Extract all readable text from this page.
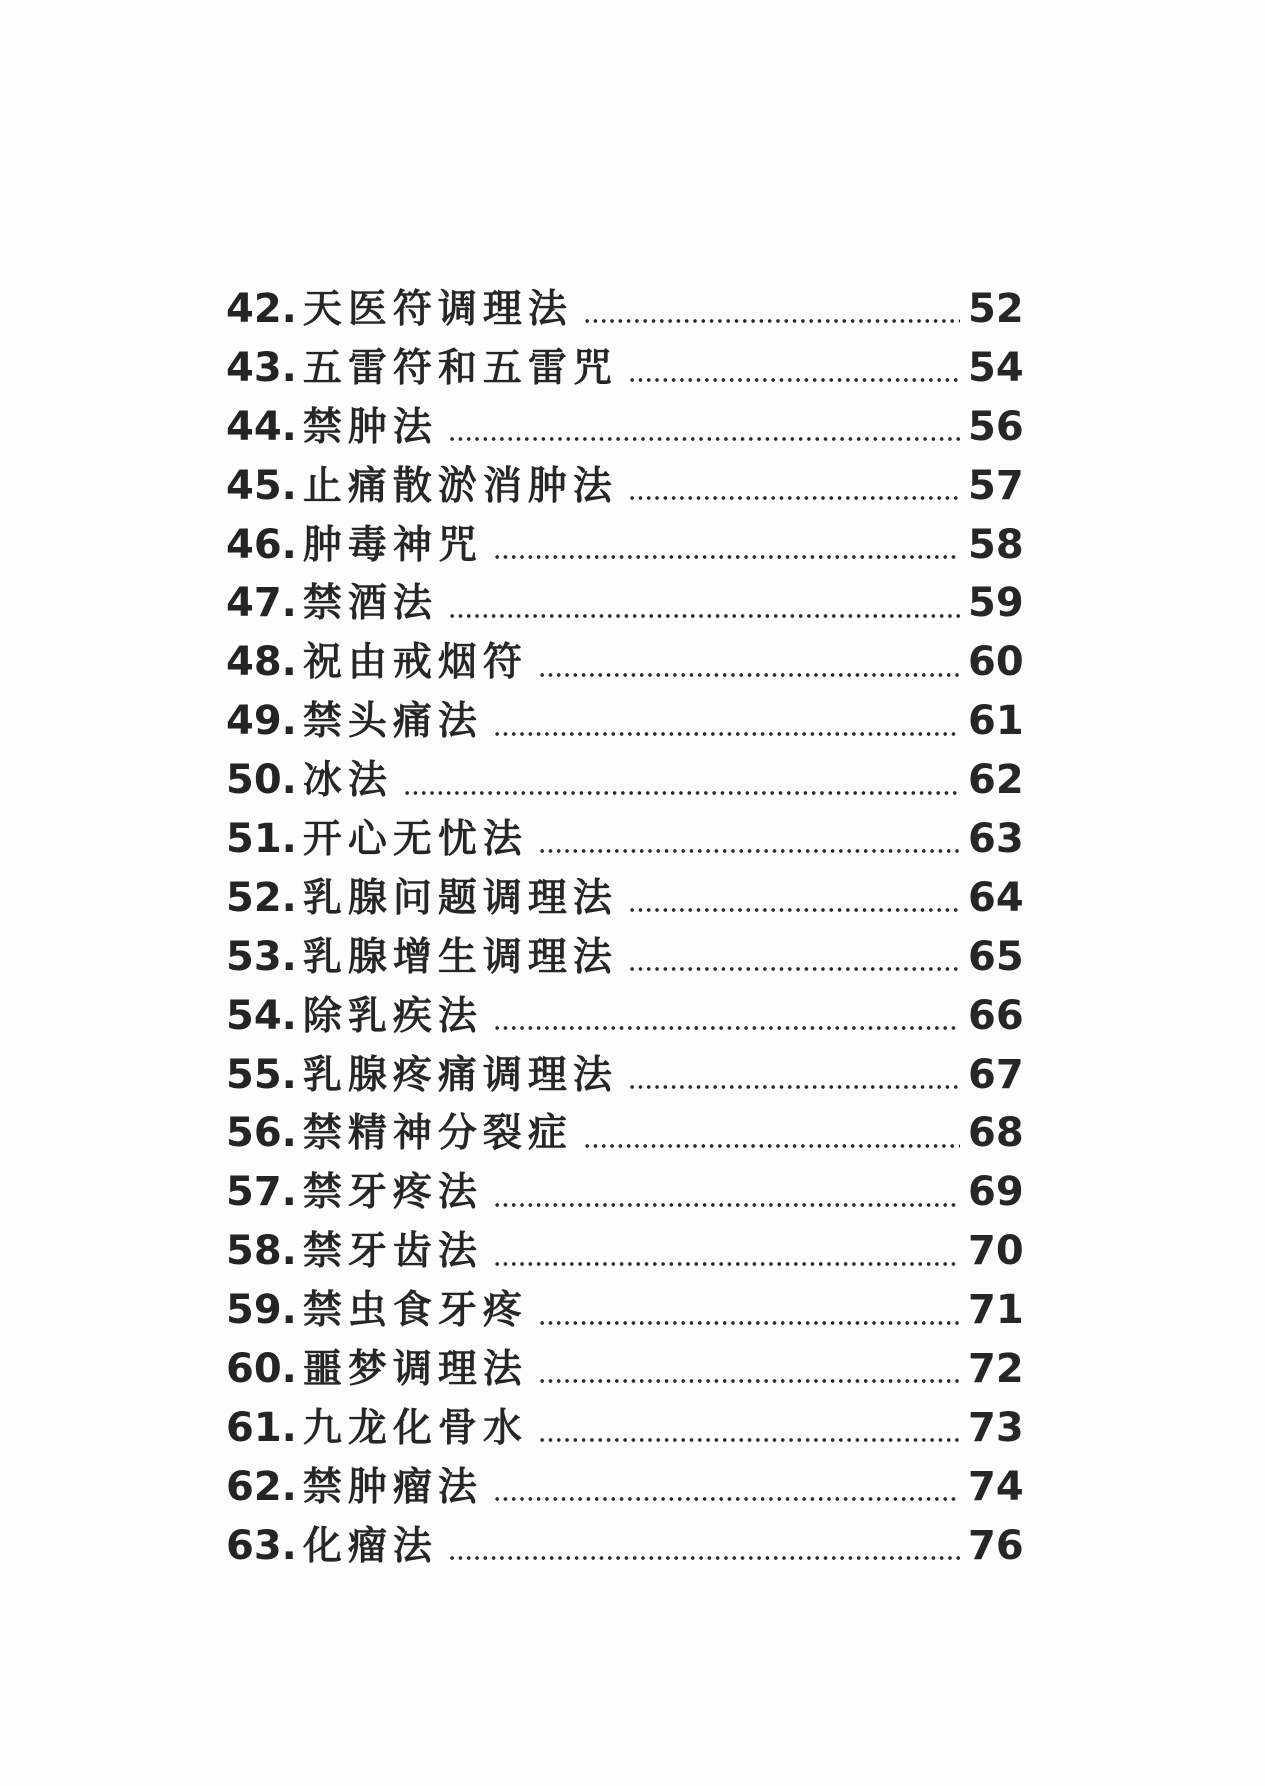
42. 天医符调理法	52
43. 五雷符和五雷咒	54
44. 禁肿法	56
45. 止痛散淤消肿法	57
46. 肿毒神咒	58
47. 禁酒法	59
48. 祝由戒烟符	60
49. 禁头痛法	61
50. 冰法	62
51. 开心无忧法	63
52. 乳腺问题调理法	64
53. 乳腺增生调理法	65
54. 除乳疾法	66
55. 乳腺疼痛调理法	67
56. 禁精神分裂症	68
57. 禁牙疼法	69
58. 禁牙齿法	70
59. 禁虫食牙疼	71
60. 噩梦调理法	72
61. 九龙化骨水	73
62. 禁肿瘤法	74
63. 化瘤法	76
